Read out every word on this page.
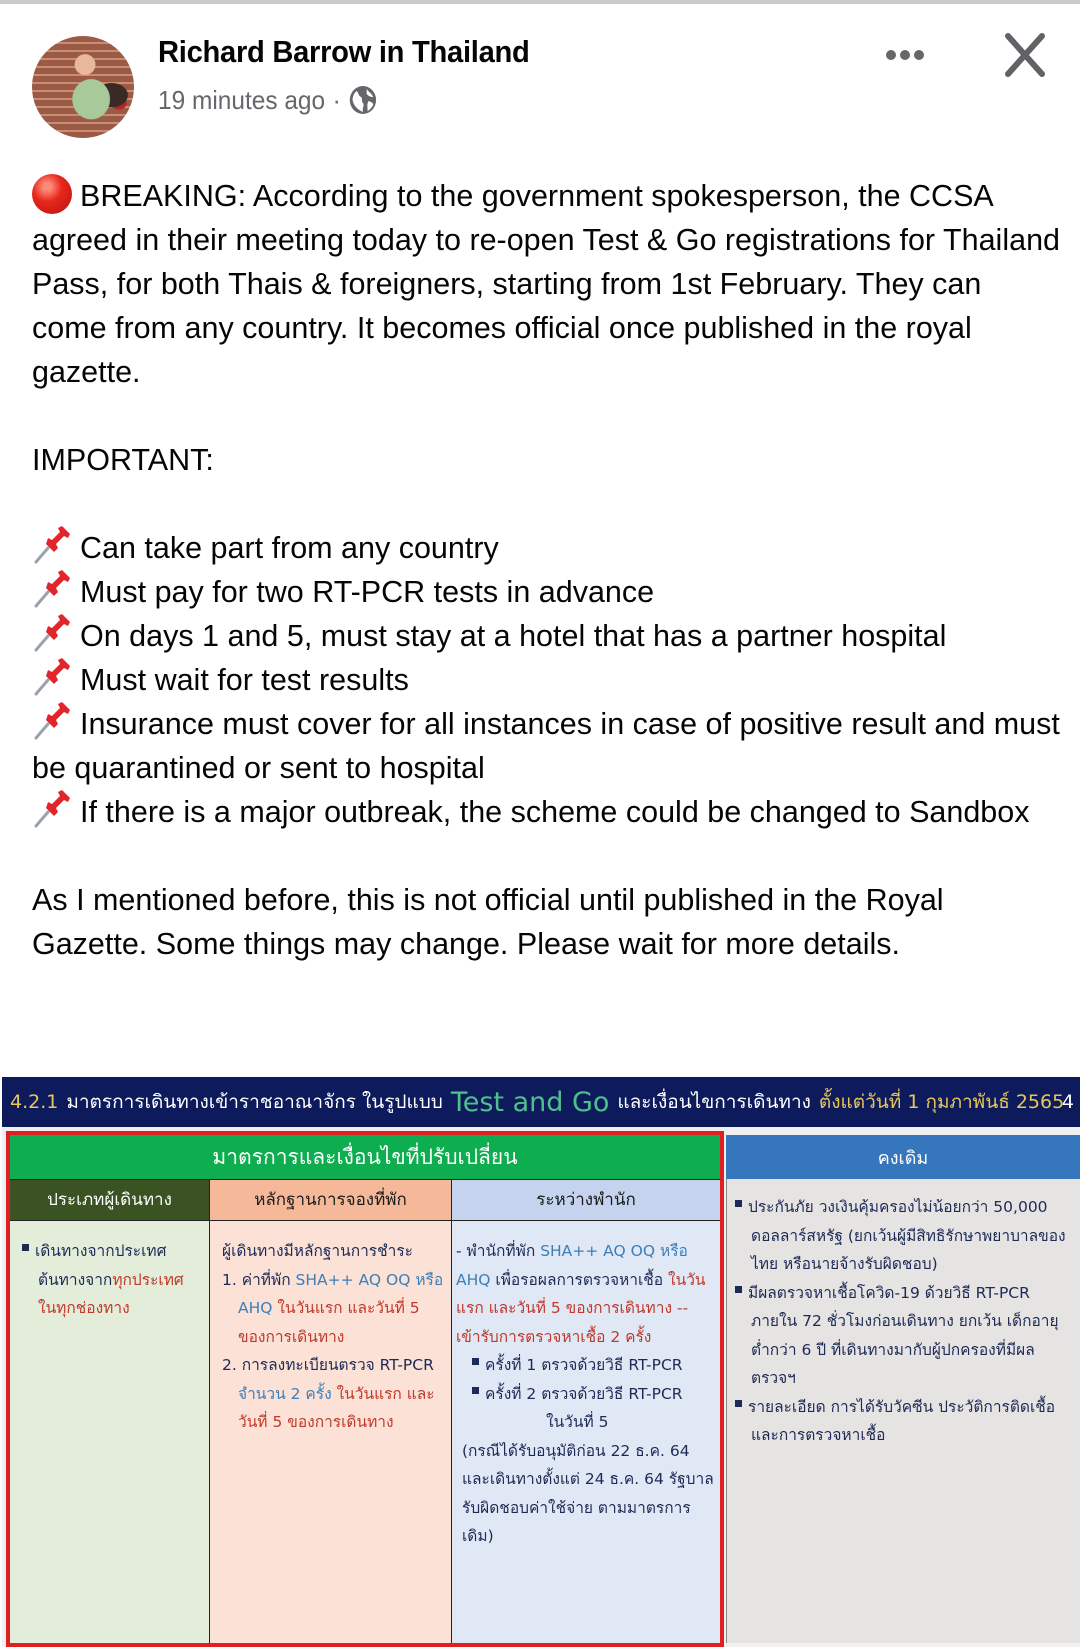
Richard Barrow in Thailand
19 minutes ago ·

BREAKING: According to the government spokesperson, the CCSA agreed in their meeting today to re-open Test & Go registrations for Thailand Pass, for both Thais & foreigners, starting from 1st February. They can come from any country. It becomes official once published in the royal gazette.

IMPORTANT:

Can take part from any country

Must pay for two RT-PCR tests in advance

On days 1 and 5, must stay at a hotel that has a partner hospital

Must wait for test results

Insurance must cover for all instances in case of positive result and must be quarantined or sent to hospital

If there is a major outbreak, the scheme could be changed to Sandbox

As I mentioned before, this is not official until published in the Royal Gazette. Some things may change. Please wait for more details.

4.2.1 มาตรการเดินทางเข้าราชอาณาจักร ในรูปแบบ Test and Go และเงื่อนไขการเดินทาง ตั้งแต่วันที่ 1 กุมภาพันธ์ 2565
4
มาตรการและเงื่อนไขที่ปรับเปลี่ยน	คงเดิม
ประเภทผู้เดินทาง
เดินทางจากประเทศ
ต้นทางจากทุกประเทศ
ในทุกช่องทาง
หลักฐานการจองที่พัก
ผู้เดินทางมีหลักฐานการชำระ
1. ค่าที่พัก SHA++ AQ OQ หรือ
AHQ ในวันแรก และวันที่ 5
ของการเดินทาง
2. การลงทะเบียนตรวจ RT-PCR
จำนวน 2 ครั้ง ในวันแรก และ
วันที่ 5 ของการเดินทาง
ระหว่างพำนัก
- พำนักที่พัก SHA++ AQ OQ หรือ
AHQ เพื่อรอผลการตรวจหาเชื้อ ในวัน
แรก และวันที่ 5 ของการเดินทาง --
เข้ารับการตรวจหาเชื้อ 2 ครั้ง
ครั้งที่ 1 ตรวจด้วยวิธี RT-PCR
ครั้งที่ 2 ตรวจด้วยวิธี RT-PCR
ในวันที่ 5
(กรณีได้รับอนุมัติก่อน 22 ธ.ค. 64
และเดินทางตั้งแต่ 24 ธ.ค. 64 รัฐบาล
รับผิดชอบค่าใช้จ่าย ตามมาตรการ
เดิม)
ประกันภัย วงเงินคุ้มครองไม่น้อยกว่า 50,000
ดอลลาร์สหรัฐ (ยกเว้นผู้มีสิทธิรักษาพยาบาลของ
ไทย หรือนายจ้างรับผิดชอบ)
มีผลตรวจหาเชื้อโควิด-19 ด้วยวิธี RT-PCR
ภายใน 72 ชั่วโมงก่อนเดินทาง ยกเว้น เด็กอายุ
ต่ำกว่า 6 ปี ที่เดินทางมากับผู้ปกครองที่มีผล
ตรวจฯ
รายละเอียด การได้รับวัคซีน ประวัติการติดเชื้อ
และการตรวจหาเชื้อ
